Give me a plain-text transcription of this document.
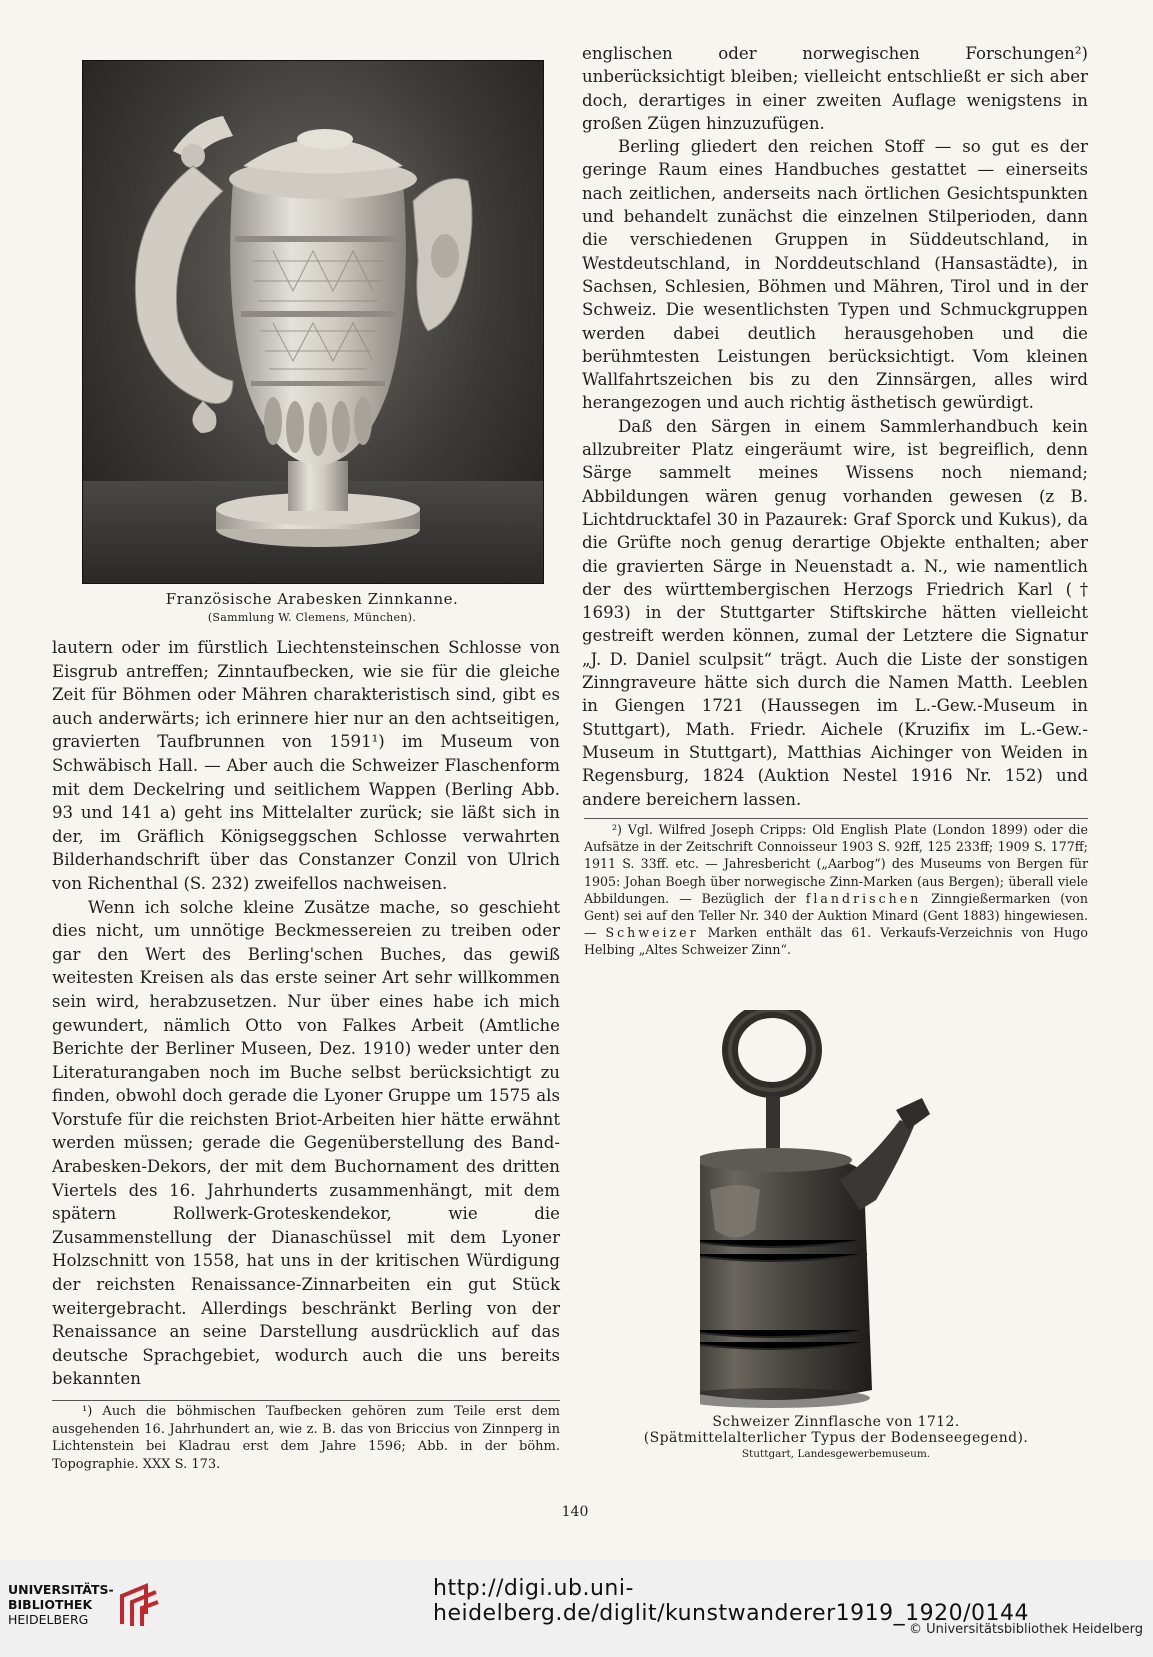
Französische Arabesken Zinnkanne.
(Sammlung W. Clemens, München).

lautern oder im fürstlich Liechtensteinschen Schlosse von Eisgrub antreffen; Zinntaufbecken, wie sie für die gleiche Zeit für Böhmen oder Mähren charakteristisch sind, gibt es auch anderwärts; ich erinnere hier nur an den achtseitigen, gravierten Taufbrunnen von 1591¹) im Museum von Schwäbisch Hall. — Aber auch die Schweizer Flaschenform mit dem Deckelring und seitlichem Wappen (Berling Abb. 93 und 141 a) geht ins Mittelalter zurück; sie läßt sich in der, im Gräflich Königseggschen Schlosse verwahrten Bilderhandschrift über das Constanzer Conzil von Ulrich von Richenthal (S. 232) zweifellos nachweisen.

Wenn ich solche kleine Zusätze mache, so geschieht dies nicht, um unnötige Beckmessereien zu treiben oder gar den Wert des Berling'schen Buches, das gewiß weitesten Kreisen als das erste seiner Art sehr willkommen sein wird, herabzusetzen. Nur über eines habe ich mich gewundert, nämlich Otto von Falkes Arbeit (Amtliche Berichte der Berliner Museen, Dez. 1910) weder unter den Literaturangaben noch im Buche selbst berücksichtigt zu finden, obwohl doch gerade die Lyoner Gruppe um 1575 als Vorstufe für die reichsten Briot-Arbeiten hier hätte erwähnt werden müssen; gerade die Gegenüberstellung des Band-Arabesken-Dekors, der mit dem Buchornament des dritten Viertels des 16. Jahrhunderts zusammenhängt, mit dem spätern Rollwerk-Groteskendekor, wie die Zusammenstellung der Dianaschüssel mit dem Lyoner Holzschnitt von 1558, hat uns in der kritischen Würdigung der reichsten Renaissance-Zinnarbeiten ein gut Stück weitergebracht. Allerdings beschränkt Berling von der Renaissance an seine Darstellung ausdrücklich auf das deutsche Sprachgebiet, wodurch auch die uns bereits bekannten

¹) Auch die böhmischen Taufbecken gehören zum Teile erst dem ausgehenden 16. Jahrhundert an, wie z. B. das von Briccius von Zinnperg in Lichtenstein bei Kladrau erst dem Jahre 1596; Abb. in der böhm. Topographie. XXX S. 173.

englischen oder norwegischen Forschungen²) unberücksichtigt bleiben; vielleicht entschließt er sich aber doch, derartiges in einer zweiten Auflage wenigstens in großen Zügen hinzuzufügen.

Berling gliedert den reichen Stoff — so gut es der geringe Raum eines Handbuches gestattet — einerseits nach zeitlichen, anderseits nach örtlichen Gesichtspunkten und behandelt zunächst die einzelnen Stilperioden, dann die verschiedenen Gruppen in Süddeutschland, in Westdeutschland, in Norddeutschland (Hansastädte), in Sachsen, Schlesien, Böhmen und Mähren, Tirol und in der Schweiz. Die wesentlichsten Typen und Schmuckgruppen werden dabei deutlich herausgehoben und die berühmtesten Leistungen berücksichtigt. Vom kleinen Wallfahrtszeichen bis zu den Zinnsärgen, alles wird herangezogen und auch richtig ästhetisch gewürdigt.

Daß den Särgen in einem Sammlerhandbuch kein allzubreiter Platz eingeräumt wire, ist begreiflich, denn Särge sammelt meines Wissens noch niemand; Abbildungen wären genug vorhanden gewesen (z B. Lichtdrucktafel 30 in Pazaurek: Graf Sporck und Kukus), da die Grüfte noch genug derartige Objekte enthalten; aber die gravierten Särge in Neuenstadt a. N., wie namentlich der des württembergischen Herzogs Friedrich Karl († 1693) in der Stuttgarter Stiftskirche hätten vielleicht gestreift werden können, zumal der Letztere die Signatur „J. D. Daniel sculpsit“ trägt. Auch die Liste der sonstigen Zinngraveure hätte sich durch die Namen Matth. Leeblen in Giengen 1721 (Haussegen im L.-Gew.-Museum in Stuttgart), Math. Friedr. Aichele (Kruzifix im L.-Gew.-Museum in Stuttgart), Matthias Aichinger von Weiden in Regensburg, 1824 (Auktion Nestel 1916 Nr. 152) und andere bereichern lassen.

²) Vgl. Wilfred Joseph Cripps: Old English Plate (London 1899) oder die Aufsätze in der Zeitschrift Connoisseur 1903 S. 92ff, 125 233ff; 1909 S. 177ff; 1911 S. 33ff. etc. — Jahresbericht („Aarbog“) des Museums von Bergen für 1905: Johan Boegh über norwegische Zinn-Marken (aus Bergen); überall viele Abbildungen. — Bezüglich der flandrischen Zinngießermarken (von Gent) sei auf den Teller Nr. 340 der Auktion Minard (Gent 1883) hingewiesen. — Schweizer Marken enthält das 61. Verkaufs-Verzeichnis von Hugo Helbing „Altes Schweizer Zinn“.

Schweizer Zinnflasche von 1712.
(Spätmittelalterlicher Typus der Bodenseegegend).
Stuttgart, Landesgewerbemuseum.
140
UNIVERSITÄTS-
BIBLIOTHEK
HEIDELBERG
http://digi.ub.uni-heidelberg.de/diglit/kunstwanderer1919_1920/0144
© Universitätsbibliothek Heidelberg
